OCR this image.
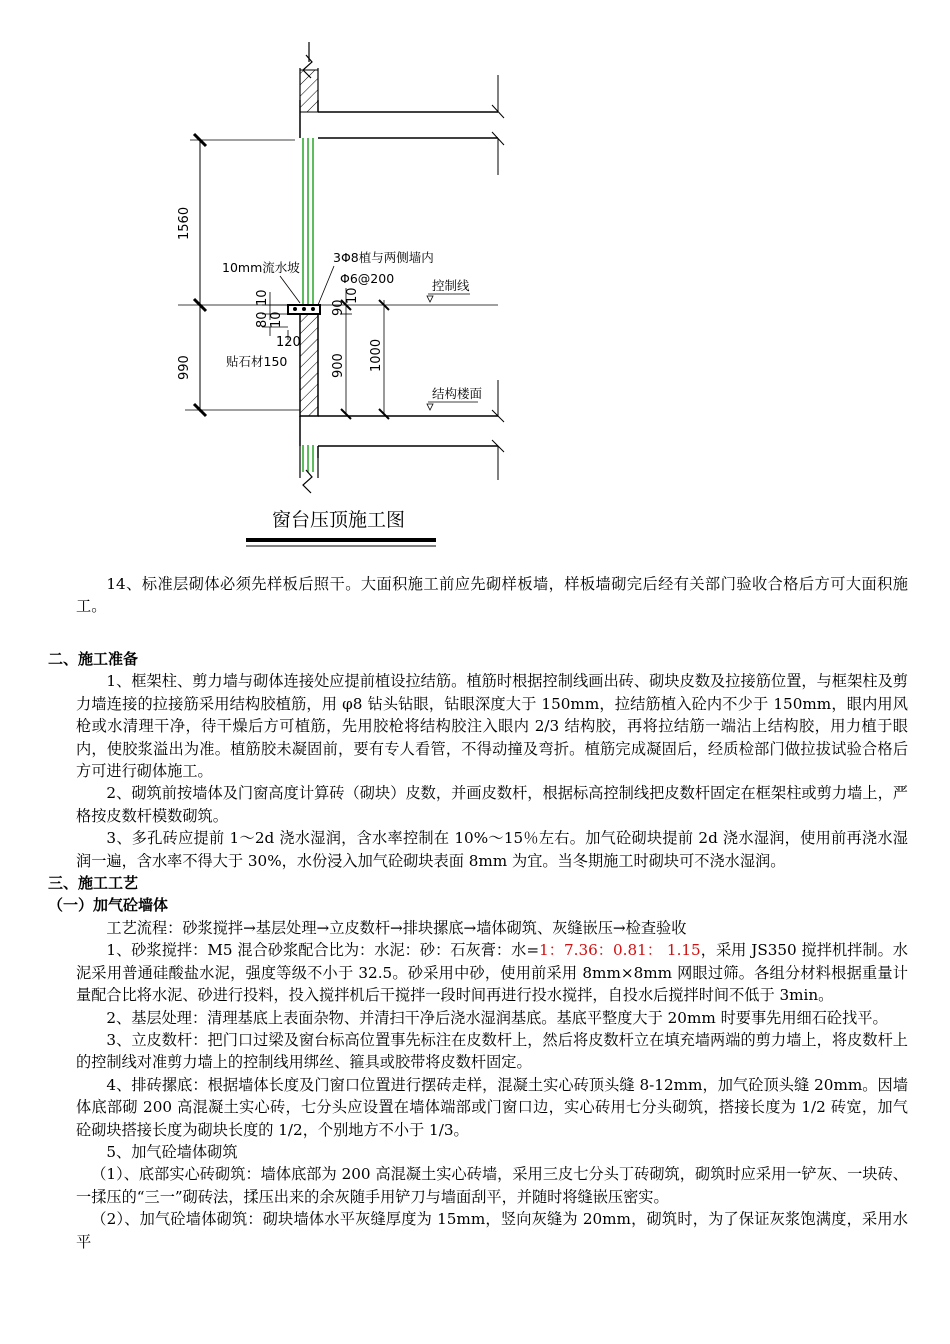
1560
990
10
80 10
120
90
10
900 1000
10mm流水坡
3Φ8植与两侧墙内
Φ6@200
贴石材150
控制线
结构楼面
窗台压顶施工图

14、标准层砌体必须先样板后照干。大面积施工前应先砌样板墙，样板墙砌完后经有关部门验收合格后方可大面积施工。

二、施工准备

1、框架柱、剪力墙与砌体连接处应提前植设拉结筋。植筋时根据控制线画出砖、砌块皮数及拉接筋位置，与框架柱及剪力墙连接的拉接筋采用结构胶植筋，用 φ8 钻头钻眼，钻眼深度大于 150mm，拉结筋植入砼内不少于 150mm，眼内用风枪或水清理干净，待干燥后方可植筋，先用胶枪将结构胶注入眼内 2/3 结构胶，再将拉结筋一端沾上结构胶，用力植于眼内，使胶浆溢出为准。植筋胶未凝固前，要有专人看管，不得动撞及弯折。植筋完成凝固后，经质检部门做拉拔试验合格后方可进行砌体施工。

2、砌筑前按墙体及门窗高度计算砖（砌块）皮数，并画皮数杆，根据标高控制线把皮数杆固定在框架柱或剪力墙上，严格按皮数杆模数砌筑。

3、多孔砖应提前 1～2d 浇水湿润，含水率控制在 10%～15％左右。加气砼砌块提前 2d 浇水湿润，使用前再浇水湿润一遍，含水率不得大于 30%，水份浸入加气砼砌块表面 8mm 为宜。当冬期施工时砌块可不浇水湿润。

三、施工工艺

（一）加气砼墙体

工艺流程：砂浆搅拌→基层处理→立皮数杆→排块摞底→墙体砌筑、灰缝嵌压→检查验收

1、砂浆搅拌：M5 混合砂浆配合比为：水泥：砂：石灰膏：水=1：7.36：0.81： 1.15，采用 JS350 搅拌机拌制。水泥采用普通硅酸盐水泥，强度等级不小于 32.5。砂采用中砂，使用前采用 8mm×8mm 网眼过筛。各组分材料根据重量计量配合比将水泥、砂进行投料，投入搅拌机后干搅拌一段时间再进行投水搅拌，自投水后搅拌时间不低于 3min。

2、基层处理：清理基底上表面杂物、并清扫干净后浇水湿润基底。基底平整度大于 20mm 时要事先用细石砼找平。

3、立皮数杆：把门口过梁及窗台标高位置事先标注在皮数杆上，然后将皮数杆立在填充墙两端的剪力墙上，将皮数杆上的控制线对准剪力墙上的控制线用绑丝、箍具或胶带将皮数杆固定。

4、排砖摞底：根据墙体长度及门窗口位置进行摆砖走样，混凝土实心砖顶头缝 8-12mm，加气砼顶头缝 20mm。因墙体底部砌 200 高混凝土实心砖，七分头应设置在墙体端部或门窗口边，实心砖用七分头砌筑，搭接长度为 1/2 砖宽，加气砼砌块搭接长度为砌块长度的 1/2，个别地方不小于 1/3。

5、加气砼墙体砌筑

（1）、底部实心砖砌筑：墙体底部为 200 高混凝土实心砖墙，采用三皮七分头丁砖砌筑，砌筑时应采用一铲灰、一块砖、一揉压的“三一”砌砖法，揉压出来的余灰随手用铲刀与墙面刮平，并随时将缝嵌压密实。

（2）、加气砼墙体砌筑：砌块墙体水平灰缝厚度为 15mm，竖向灰缝为 20mm，砌筑时，为了保证灰浆饱满度，采用水平
